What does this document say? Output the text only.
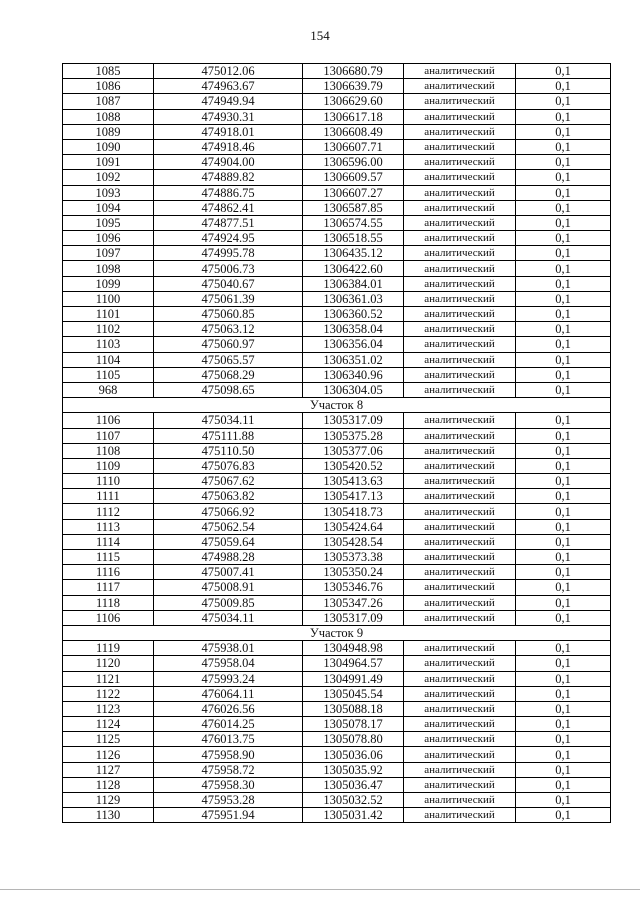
154
1085	475012.06	1306680.79	аналитический	0,1
1086	474963.67	1306639.79	аналитический	0,1
1087	474949.94	1306629.60	аналитический	0,1
1088	474930.31	1306617.18	аналитический	0,1
1089	474918.01	1306608.49	аналитический	0,1
1090	474918.46	1306607.71	аналитический	0,1
1091	474904.00	1306596.00	аналитический	0,1
1092	474889.82	1306609.57	аналитический	0,1
1093	474886.75	1306607.27	аналитический	0,1
1094	474862.41	1306587.85	аналитический	0,1
1095	474877.51	1306574.55	аналитический	0,1
1096	474924.95	1306518.55	аналитический	0,1
1097	474995.78	1306435.12	аналитический	0,1
1098	475006.73	1306422.60	аналитический	0,1
1099	475040.67	1306384.01	аналитический	0,1
1100	475061.39	1306361.03	аналитический	0,1
1101	475060.85	1306360.52	аналитический	0,1
1102	475063.12	1306358.04	аналитический	0,1
1103	475060.97	1306356.04	аналитический	0,1
1104	475065.57	1306351.02	аналитический	0,1
1105	475068.29	1306340.96	аналитический	0,1
968	475098.65	1306304.05	аналитический	0,1
Участок 8				
1106	475034.11	1305317.09	аналитический	0,1
1107	475111.88	1305375.28	аналитический	0,1
1108	475110.50	1305377.06	аналитический	0,1
1109	475076.83	1305420.52	аналитический	0,1
1110	475067.62	1305413.63	аналитический	0,1
1111	475063.82	1305417.13	аналитический	0,1
1112	475066.92	1305418.73	аналитический	0,1
1113	475062.54	1305424.64	аналитический	0,1
1114	475059.64	1305428.54	аналитический	0,1
1115	474988.28	1305373.38	аналитический	0,1
1116	475007.41	1305350.24	аналитический	0,1
1117	475008.91	1305346.76	аналитический	0,1
1118	475009.85	1305347.26	аналитический	0,1
1106	475034.11	1305317.09	аналитический	0,1
Участок 9				
1119	475938.01	1304948.98	аналитический	0,1
1120	475958.04	1304964.57	аналитический	0,1
1121	475993.24	1304991.49	аналитический	0,1
1122	476064.11	1305045.54	аналитический	0,1
1123	476026.56	1305088.18	аналитический	0,1
1124	476014.25	1305078.17	аналитический	0,1
1125	476013.75	1305078.80	аналитический	0,1
1126	475958.90	1305036.06	аналитический	0,1
1127	475958.72	1305035.92	аналитический	0,1
1128	475958.30	1305036.47	аналитический	0,1
1129	475953.28	1305032.52	аналитический	0,1
1130	475951.94	1305031.42	аналитический	0,1
